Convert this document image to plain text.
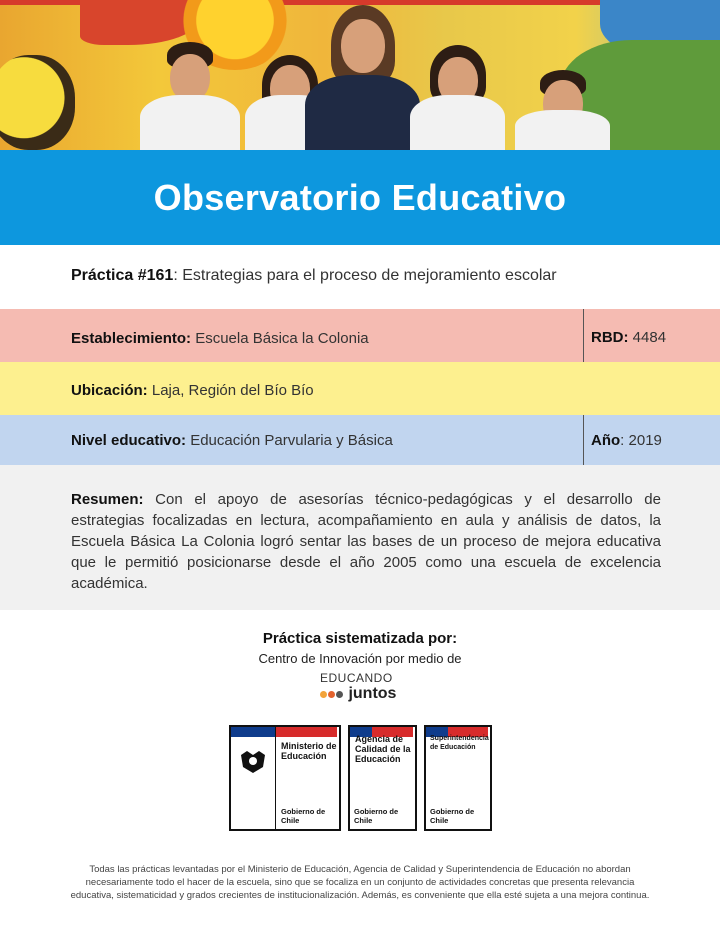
Observatorio Educativo
Práctica #161: Estrategias para el proceso de mejoramiento escolar
Establecimiento: Escuela Básica la Colonia	RBD: 4484
Ubicación: Laja, Región del Bío Bío
Nivel educativo: Educación Parvularia y Básica	Año: 2019

Resumen: Con el apoyo de asesorías técnico-pedagógicas y el desarrollo de estrategias focalizadas en lectura, acompañamiento en aula y análisis de datos, la Escuela Básica La Colonia logró sentar las bases de un proceso de mejora educativa que le permitió posicionarse desde el año 2005 como una escuela de excelencia académica.

Práctica sistematizada por:
Centro de Innovación por medio de
EDUCANDO
juntos
Ministerio de
Educación
Gobierno de Chile
Agencia de
Calidad de la
Educación
Gobierno de Chile
Superintendencia
de Educación
Gobierno de Chile
Todas las prácticas levantadas por el Ministerio de Educación, Agencia de Calidad y Superintendencia de Educación no abordan necesariamente todo el hacer de la escuela, sino que se focaliza en un conjunto de actividades concretas que presenta relevancia educativa, sistematicidad y grados crecientes de institucionalización. Además, es conveniente que ella esté sujeta a una mejora continua.
